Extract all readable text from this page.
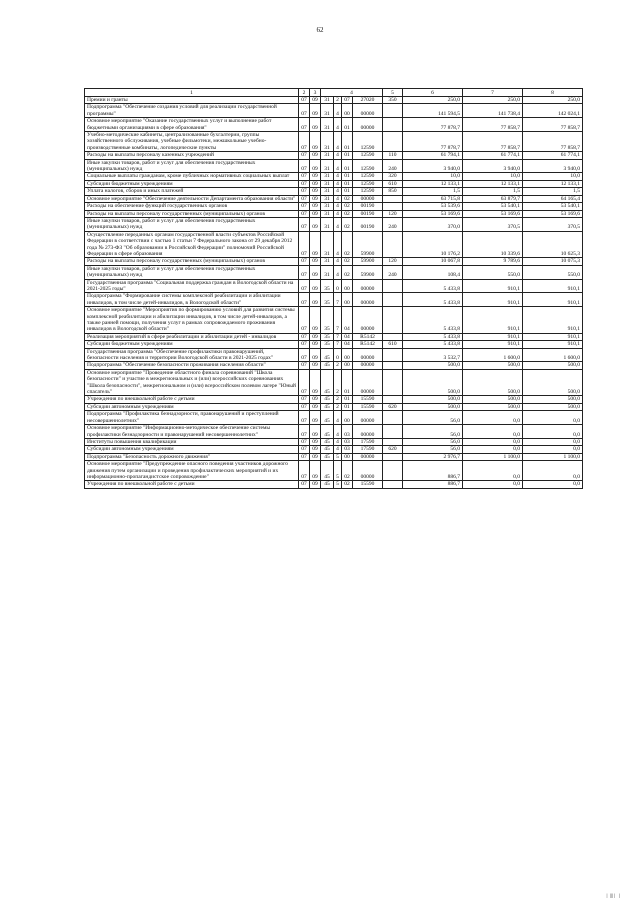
62
1	2	3	4				5	6	7	8
Премии и гранты	07	09	31	2	07	27020	350	250,0	250,0	250,0
Подпрограмма "Обеспечение создания условий для реализации государственной программы"	07	09	31	4	00	00000		141 594,5	141 738,4	142 024,1
Основное мероприятие "Оказание государственных услуг и выполнение работ бюджетными организациями в сфере образования"	07	09	31	4	01	00000		77 878,7	77 858,7	77 858,7
Учебно-методические кабинеты, централизованные бухгалтерии, группы хозяйственного обслуживания, учебные фильмотеки, межшкольные учебно-производственные комбинаты, логопедические пункты	07	09	31	4	01	12590		77 878,7	77 858,7	77 858,7
Расходы на выплаты персоналу казенных учреждений	07	09	31	4	01	12590	110	61 794,1	61 774,1	61 774,1
Иные закупки товаров, работ и услуг для обеспечения государственных (муниципальных) нужд	07	09	31	4	01	12590	240	3 940,0	3 940,0	3 940,0
Социальные выплаты гражданам, кроме публичных нормативных социальных выплат	07	09	31	4	01	12590	320	10,0	10,0	10,0
Субсидии бюджетным учреждениям	07	09	31	4	01	12590	610	12 133,1	12 133,1	12 133,1
Уплата налогов, сборов и иных платежей	07	09	31	4	01	12590	850	1,5	1,5	1,5
Основное мероприятие "Обеспечение деятельности Департамента образования области"	07	09	31	4	02	00000		63 715,8	63 879,7	64 165,4
Расходы на обеспечение функций государственных органов	07	09	31	4	02	00190		53 539,6	53 540,1	53 540,1
Расходы на выплаты персоналу государственных (муниципальных) органов	07	09	31	4	02	00190	120	53 169,6	53 169,6	53 169,6
Иные закупки товаров, работ и услуг для обеспечения государственных (муниципальных) нужд	07	09	31	4	02	00190	240	370,0	370,5	370,5
Осуществление переданных органам государственной власти субъектов Российской Федерации в соответствии с частью 1 статьи 7 Федерального закона от 29 декабря 2012 года № 273-ФЗ "Об образовании в Российской Федерации" полномочий Российской Федерации в сфере образования	07	09	31	4	02	59900		10 176,2	10 339,6	10 625,3
Расходы на выплаты персоналу государственных (муниципальных) органов	07	09	31	4	02	59900	120	10 067,8	9 789,6	10 075,3
Иные закупки товаров, работ и услуг для обеспечения государственных (муниципальных) нужд	07	09	31	4	02	59900	240	108,4	550,0	550,0
Государственная программа "Социальная поддержка граждан в Вологодской области на 2021-2025 годы"	07	09	35	0	00	00000		5 433,8	910,1	910,1
Подпрограмма "Формирование системы комплексной реабилитации и абилитации инвалидов, в том числе детей-инвалидов, в Вологодской области"	07	09	35	7	00	00000		5 433,8	910,1	910,1
Основное мероприятие "Мероприятия по формированию условий для развития системы комплексной реабилитации и абилитации инвалидов, в том числе детей-инвалидов, а также ранней помощи, получения услуг в рамках сопровождаемого проживания инвалидов в Вологодской области"	07	09	35	7	04	00000		5 433,8	910,1	910,1
Реализация мероприятий в сфере реабилитации и абилитации детей - инвалидов	07	09	35	7	04	R5142		5 433,8	910,1	910,1
Субсидии бюджетным учреждениям	07	09	35	7	04	R5142	610	5 433,8	910,1	910,1
Государственная программа "Обеспечение профилактики правонарушений, безопасности населения и территории Вологодской области в 2021-2025 годах"	07	09	45	0	00	00000		3 532,7	1 600,0	1 600,0
Подпрограмма "Обеспечение безопасности проживания населения области"	07	09	45	2	00	00000		500,0	500,0	500,0
Основное мероприятие "Проведение областного финала соревнований "Школа безопасности" и участие в межрегиональных и (или) всероссийских соревнованиях "Школа безопасности", межрегиональном и (или) всероссийском полевом лагере "Юный спасатель"	07	09	45	2	01	00000		500,0	500,0	500,0
Учреждения по внешкольной работе с детьми	07	09	45	2	01	15590		500,0	500,0	500,0
Субсидии автономным учреждениям	07	09	45	2	01	15590	620	500,0	500,0	500,0
Подпрограмма "Профилактика безнадзорности, правонарушений и преступлений несовершеннолетних"	07	09	45	4	00	00000		56,0	0,0	0,0
Основное мероприятие "Информационно-методическое обеспечение системы профилактики безнадзорности и правонарушений несовершеннолетних"	07	09	45	4	03	00000		56,0	0,0	0,0
Институты повышения квалификации	07	09	45	4	03	17590		56,0	0,0	0,0
Субсидии автономным учреждениям	07	09	45	4	03	17590	620	56,0	0,0	0,0
Подпрограмма "Безопасность дорожного движения"	07	09	45	5	00	00000		2 976,7	1 100,0	1 100,0
Основное мероприятие "Предупреждение опасного поведения участников дорожного движения путем организации и проведения профилактических мероприятий и их информационно-пропагандистское сопровождение"	07	09	45	5	02	00000		886,7	0,0	0,0
Учреждения по внешкольной работе с детьми	07	09	45	5	02	15590		886,7	0,0	0,0
|  ||| |   |
